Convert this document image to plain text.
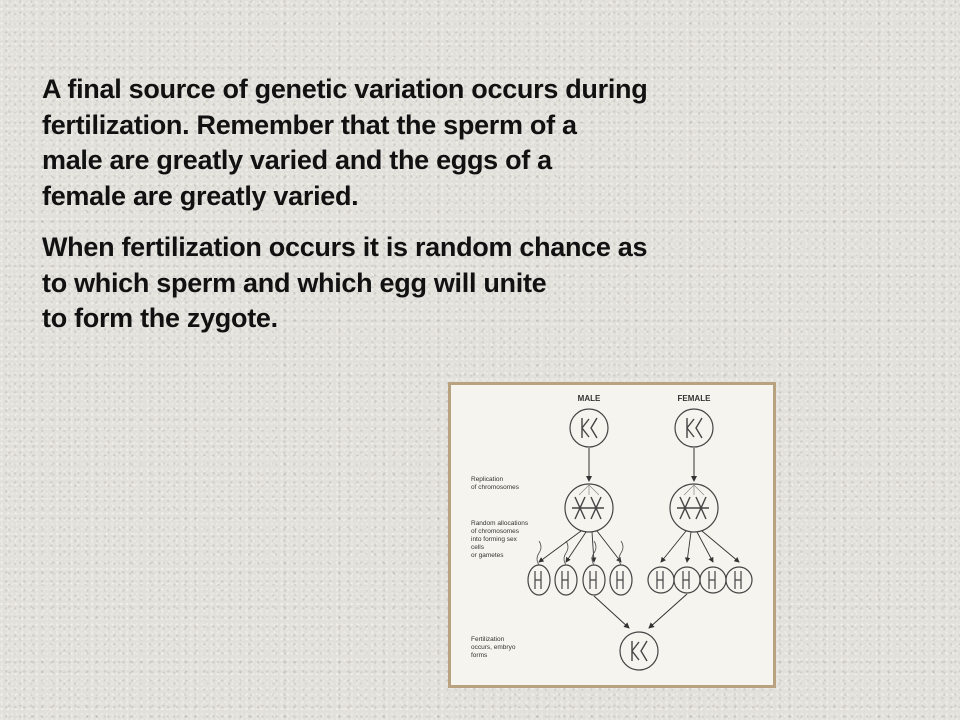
A final source of genetic variation occurs during
fertilization. Remember that the sperm of a
male are greatly varied and the eggs of a
female are greatly varied.

When fertilization occurs it is random chance as
to which sperm and which egg will unite
to form the zygote.

MALE	FEMALE
Replication of chromosomes
Random allocations of chromosomes into forming sex cells or gametes
Fertilization occurs, embryo forms
